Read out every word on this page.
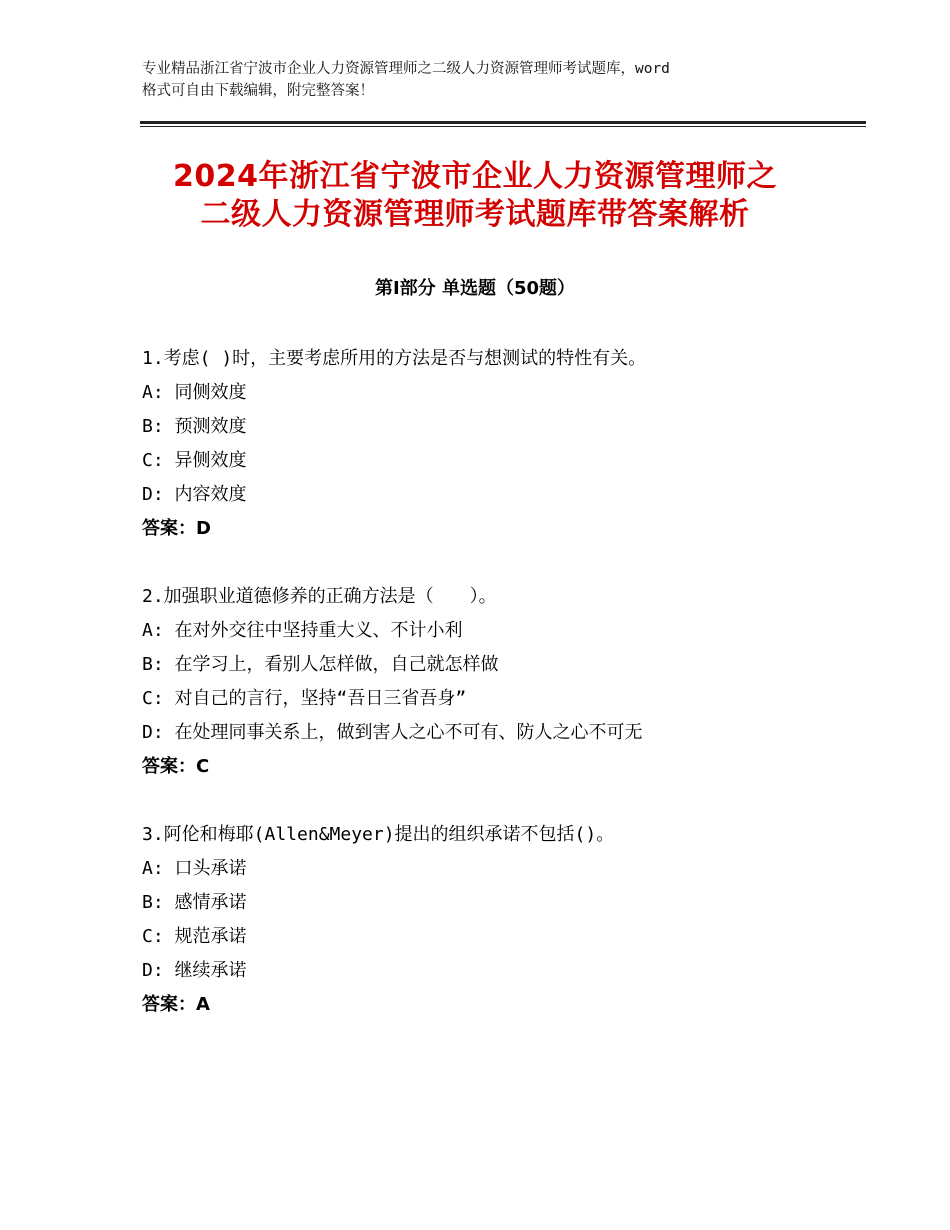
专业精品浙江省宁波市企业人力资源管理师之二级人力资源管理师考试题库，word
格式可自由下载编辑，附完整答案！
2024年浙江省宁波市企业人力资源管理师之
二级人力资源管理师考试题库带答案解析
第Ⅰ部分 单选题（50题）
1.考虑( )时，主要考虑所用的方法是否与想测试的特性有关。
A: 同侧效度
B: 预测效度
C: 异侧效度
D: 内容效度
答案：D
2.加强职业道德修养的正确方法是（　　）。
A: 在对外交往中坚持重大义、不计小利
B: 在学习上，看别人怎样做，自己就怎样做
C: 对自己的言行，坚持“吾日三省吾身”
D: 在处理同事关系上，做到害人之心不可有、防人之心不可无
答案：C
3.阿伦和梅耶(Allen&Meyer)提出的组织承诺不包括()。
A: 口头承诺
B: 感情承诺
C: 规范承诺
D: 继续承诺
答案：A
